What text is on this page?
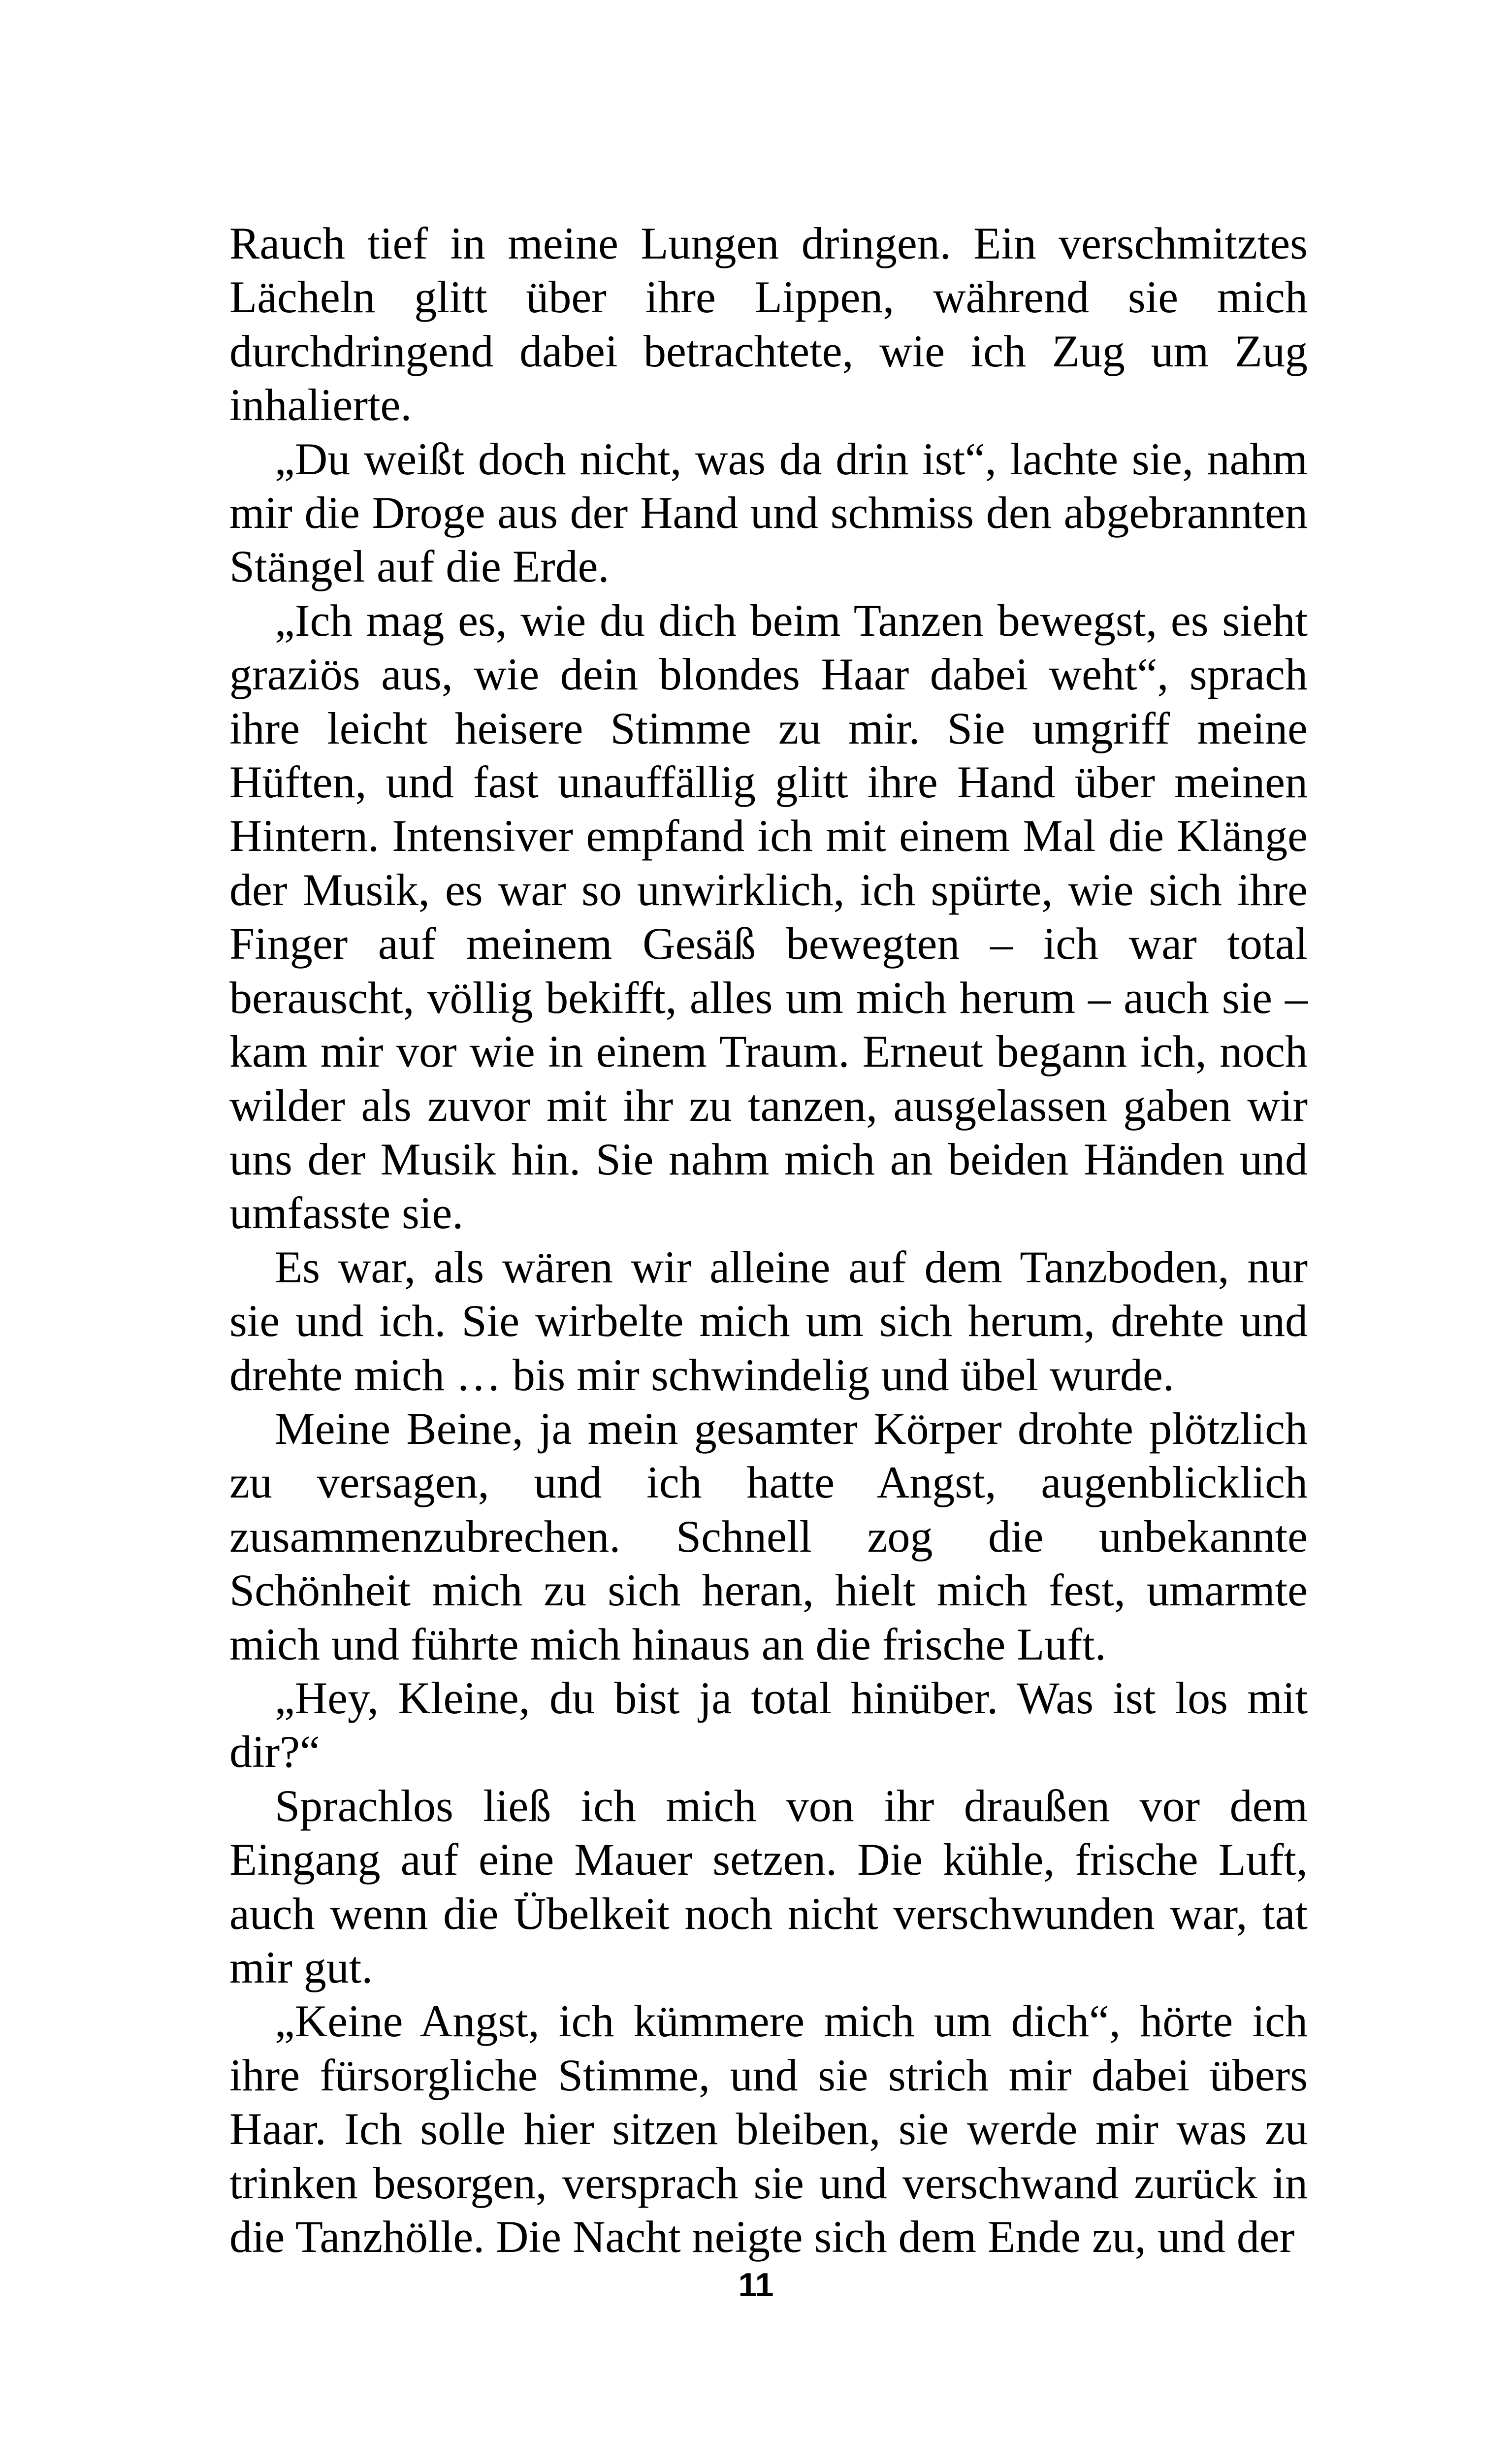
Rauch tief in meine Lungen dringen. Ein verschmitztes Lächeln glitt über ihre Lippen, während sie mich durchdringend dabei betrachtete, wie ich Zug um Zug inhalierte.

„Du weißt doch nicht, was da drin ist“, lachte sie, nahm mir die Droge aus der Hand und schmiss den abgebrannten Stängel auf die Erde.

„Ich mag es, wie du dich beim Tanzen bewegst, es sieht graziös aus, wie dein blondes Haar dabei weht“, sprach ihre leicht heisere Stimme zu mir. Sie umgriff meine Hüften, und fast unauffällig glitt ihre Hand über meinen Hintern. Intensiver empfand ich mit einem Mal die Klänge der Musik, es war so unwirklich, ich spürte, wie sich ihre Finger auf meinem Gesäß bewegten – ich war total berauscht, völlig bekifft, alles um mich herum – auch sie – kam mir vor wie in einem Traum. Erneut begann ich, noch wilder als zuvor mit ihr zu tanzen, ausgelassen gaben wir uns der Musik hin. Sie nahm mich an beiden Händen und umfasste sie.

Es war, als wären wir alleine auf dem Tanzboden, nur sie und ich. Sie wirbelte mich um sich herum, drehte und drehte mich … bis mir schwindelig und übel wurde.

Meine Beine, ja mein gesamter Körper drohte plötzlich zu versagen, und ich hatte Angst, augenblicklich zusammenzubrechen. Schnell zog die unbekannte Schönheit mich zu sich heran, hielt mich fest, umarmte mich und führte mich hinaus an die frische Luft.

„Hey, Kleine, du bist ja total hinüber. Was ist los mit dir?“

Sprachlos ließ ich mich von ihr draußen vor dem Eingang auf eine Mauer setzen. Die kühle, frische Luft, auch wenn die Übelkeit noch nicht verschwunden war, tat mir gut.

„Keine Angst, ich kümmere mich um dich“, hörte ich ihre fürsorgliche Stimme, und sie strich mir dabei übers Haar. Ich solle hier sitzen bleiben, sie werde mir was zu trinken besorgen, versprach sie und verschwand zurück in die Tanzhölle. Die Nacht neigte sich dem Ende zu, und der

11
